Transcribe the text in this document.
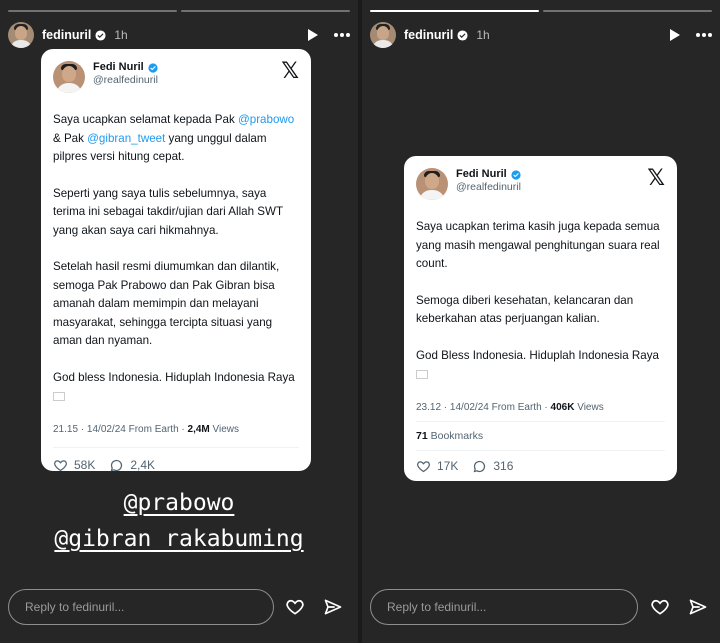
fedinuril 1h
Fedi Nuril
@realfedinuril	𝕏

Saya ucapkan selamat kepada Pak @prabowo & Pak @gibran_tweet yang unggul dalam pilpres versi hitung cepat.

Seperti yang saya tulis sebelumnya, saya terima ini sebagai takdir/ujian dari Allah SWT yang akan saya cari hikmahnya.

Setelah hasil resmi diumumkan dan dilantik, semoga Pak Prabowo dan Pak Gibran bisa amanah dalam memimpin dan melayani masyarakat, sehingga tercipta situasi yang aman dan nyaman.

God bless Indonesia. Hiduplah Indonesia Raya

21.15 · 14/02/24 From Earth · 2,4M Views
58K	2,4K
@prabowo
@gibran_rakabuming
Reply to fedinuril...
fedinuril 1h
Fedi Nuril
@realfedinuril	𝕏

Saya ucapkan terima kasih juga kepada semua yang masih mengawal penghitungan suara real count.

Semoga diberi kesehatan, kelancaran dan keberkahan atas perjuangan kalian.

God Bless Indonesia. Hiduplah Indonesia Raya

23.12 · 14/02/24 From Earth · 406K Views
71 Bookmarks
17K	316
Reply to fedinuril...
